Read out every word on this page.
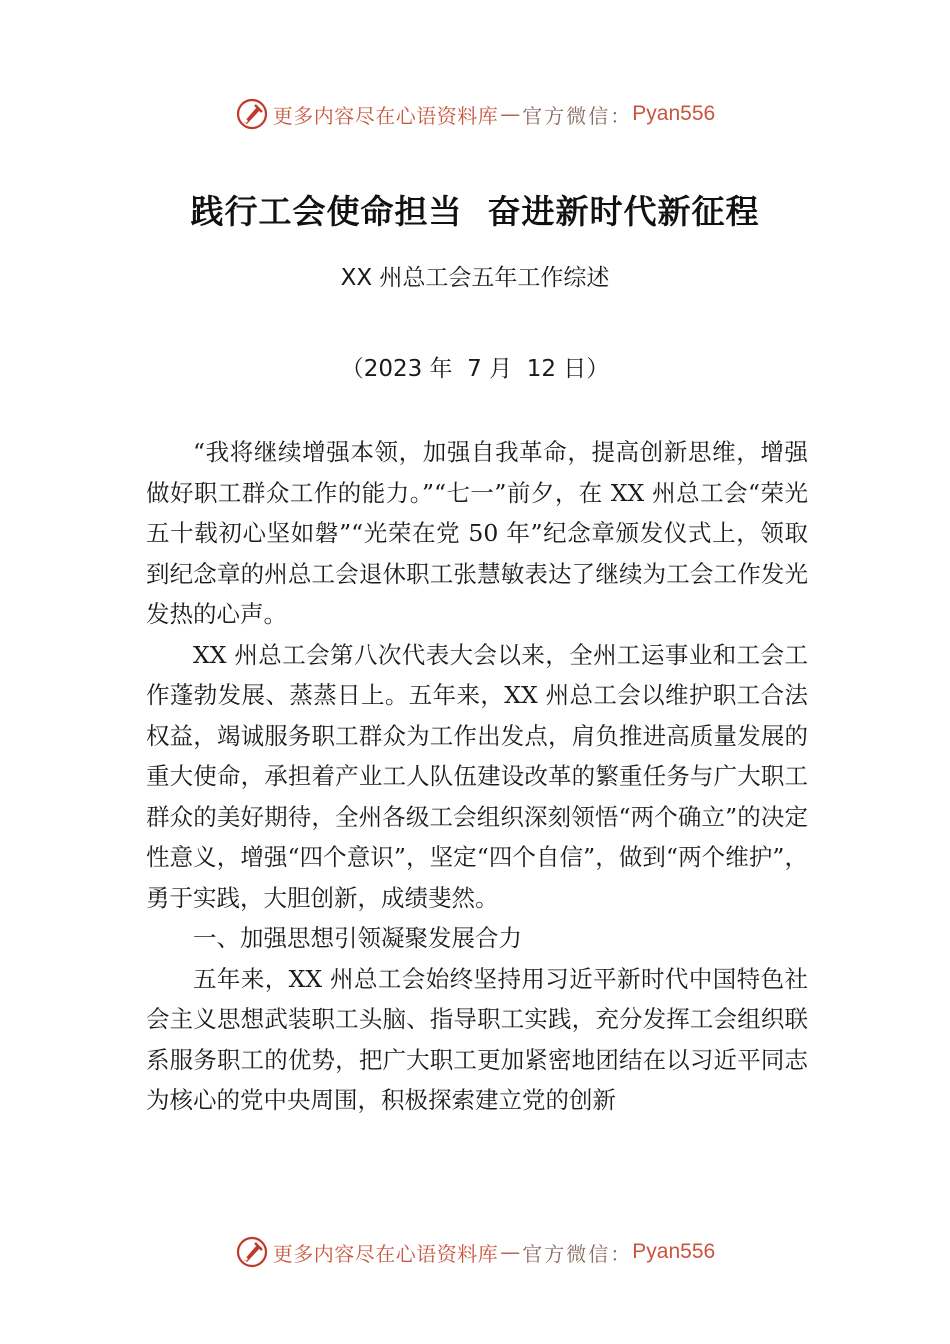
更多内容尽在心语资料库 — 官方微信： Pyan556
践行工会使命担当  奋进新时代新征程
XX 州总工会五年工作综述
（2023 年  7 月  12 日）

“我将继续增强本领，加强自我革命，提高创新思维，增强做好职工群众工作的能力。”“七一”前夕，在 XX 州总工会“荣光五十载初心坚如磐”“光荣在党 50 年”纪念章颁发仪式上，领取到纪念章的州总工会退休职工张慧敏表达了继续为工会工作发光发热的心声。

XX 州总工会第八次代表大会以来，全州工运事业和工会工作蓬勃发展、蒸蒸日上。五年来，XX 州总工会以维护职工合法权益，竭诚服务职工群众为工作出发点，肩负推进高质量发展的重大使命，承担着产业工人队伍建设改革的繁重任务与广大职工群众的美好期待，全州各级工会组织深刻领悟“两个确立”的决定性意义，增强“四个意识”，坚定“四个自信”，做到“两个维护”，勇于实践，大胆创新，成绩斐然。

一、加强思想引领凝聚发展合力

五年来，XX 州总工会始终坚持用习近平新时代中国特色社会主义思想武装职工头脑、指导职工实践，充分发挥工会组织联系服务职工的优势，把广大职工更加紧密地团结在以习近平同志为核心的党中央周围，积极探索建立党的创新

更多内容尽在心语资料库 — 官方微信： Pyan556
